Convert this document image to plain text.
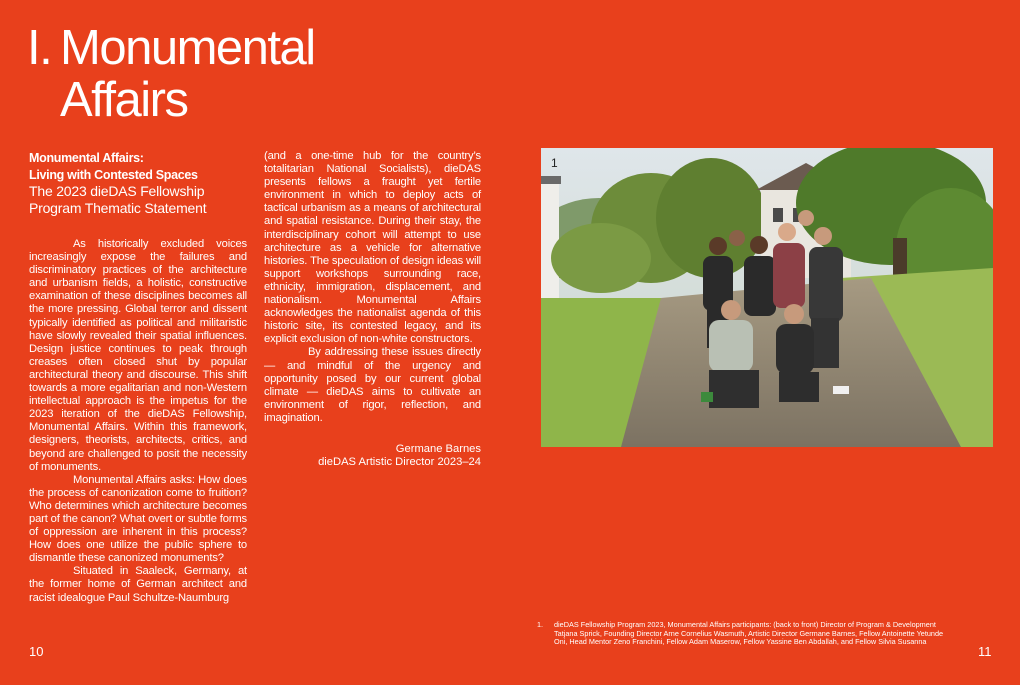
I. Monumental
Affairs
Monumental Affairs:
Living with Contested Spaces
The 2023 dieDAS Fellowship
Program Thematic Statement

As historically excluded voices increasingly expose the failures and discriminatory practices of the architecture and urbanism fields, a holistic, constructive examination of these disciplines becomes all the more pressing. Global terror and dissent typically identified as political and militaristic have slowly revealed their spatial influences. Design justice continues to peak through creases often closed shut by popular architectural theory and discourse. This shift towards a more egalitarian and non-Western intellectual approach is the impetus for the 2023 iteration of the dieDAS Fellowship, Monumental Affairs. Within this framework, designers, theorists, architects, critics, and beyond are challenged to posit the necessity of monuments.

Monumental Affairs asks: How does the process of canonization come to fruition? Who determines which architecture becomes part of the canon? What overt or subtle forms of oppression are inherent in this process? How does one utilize the public sphere to dismantle these canonized monuments?

Situated in Saaleck, Germany, at the former home of German architect and racist idealogue Paul Schultze-Naumburg

(and a one-time hub for the country’s totalitarian National Socialists), dieDAS presents fellows a fraught yet fertile environment in which to deploy acts of tactical urbanism as a means of architectural and spatial resistance. During their stay, the interdisciplinary cohort will attempt to use architecture as a vehicle for alternative histories. The speculation of design ideas will support workshops surrounding race, ethnicity, immigration, displacement, and nationalism. Monumental Affairs acknowledges the nationalist agenda of this historic site, its contested legacy, and its explicit exclusion of non-white constructors.

By addressing these issues directly — and mindful of the urgency and opportunity posed by our current global climate — dieDAS aims to cultivate an environment of rigor, reflection, and imagination.

Germane Barnes
dieDAS Artistic Director 2023–24
1
1.	dieDAS Fellowship Program 2023, Monumental Affairs participants: (back to front) Director of Program & Development Tatjana Sprick, Founding Director Arne Cornelius Wasmuth, Artistic Director Germane Barnes, Fellow Antoinette Yetunde Oni, Head Mentor Zeno Franchini, Fellow Adam Maserow, Fellow Yassine Ben Abdallah, and Fellow Silvia Susanna
10	11
